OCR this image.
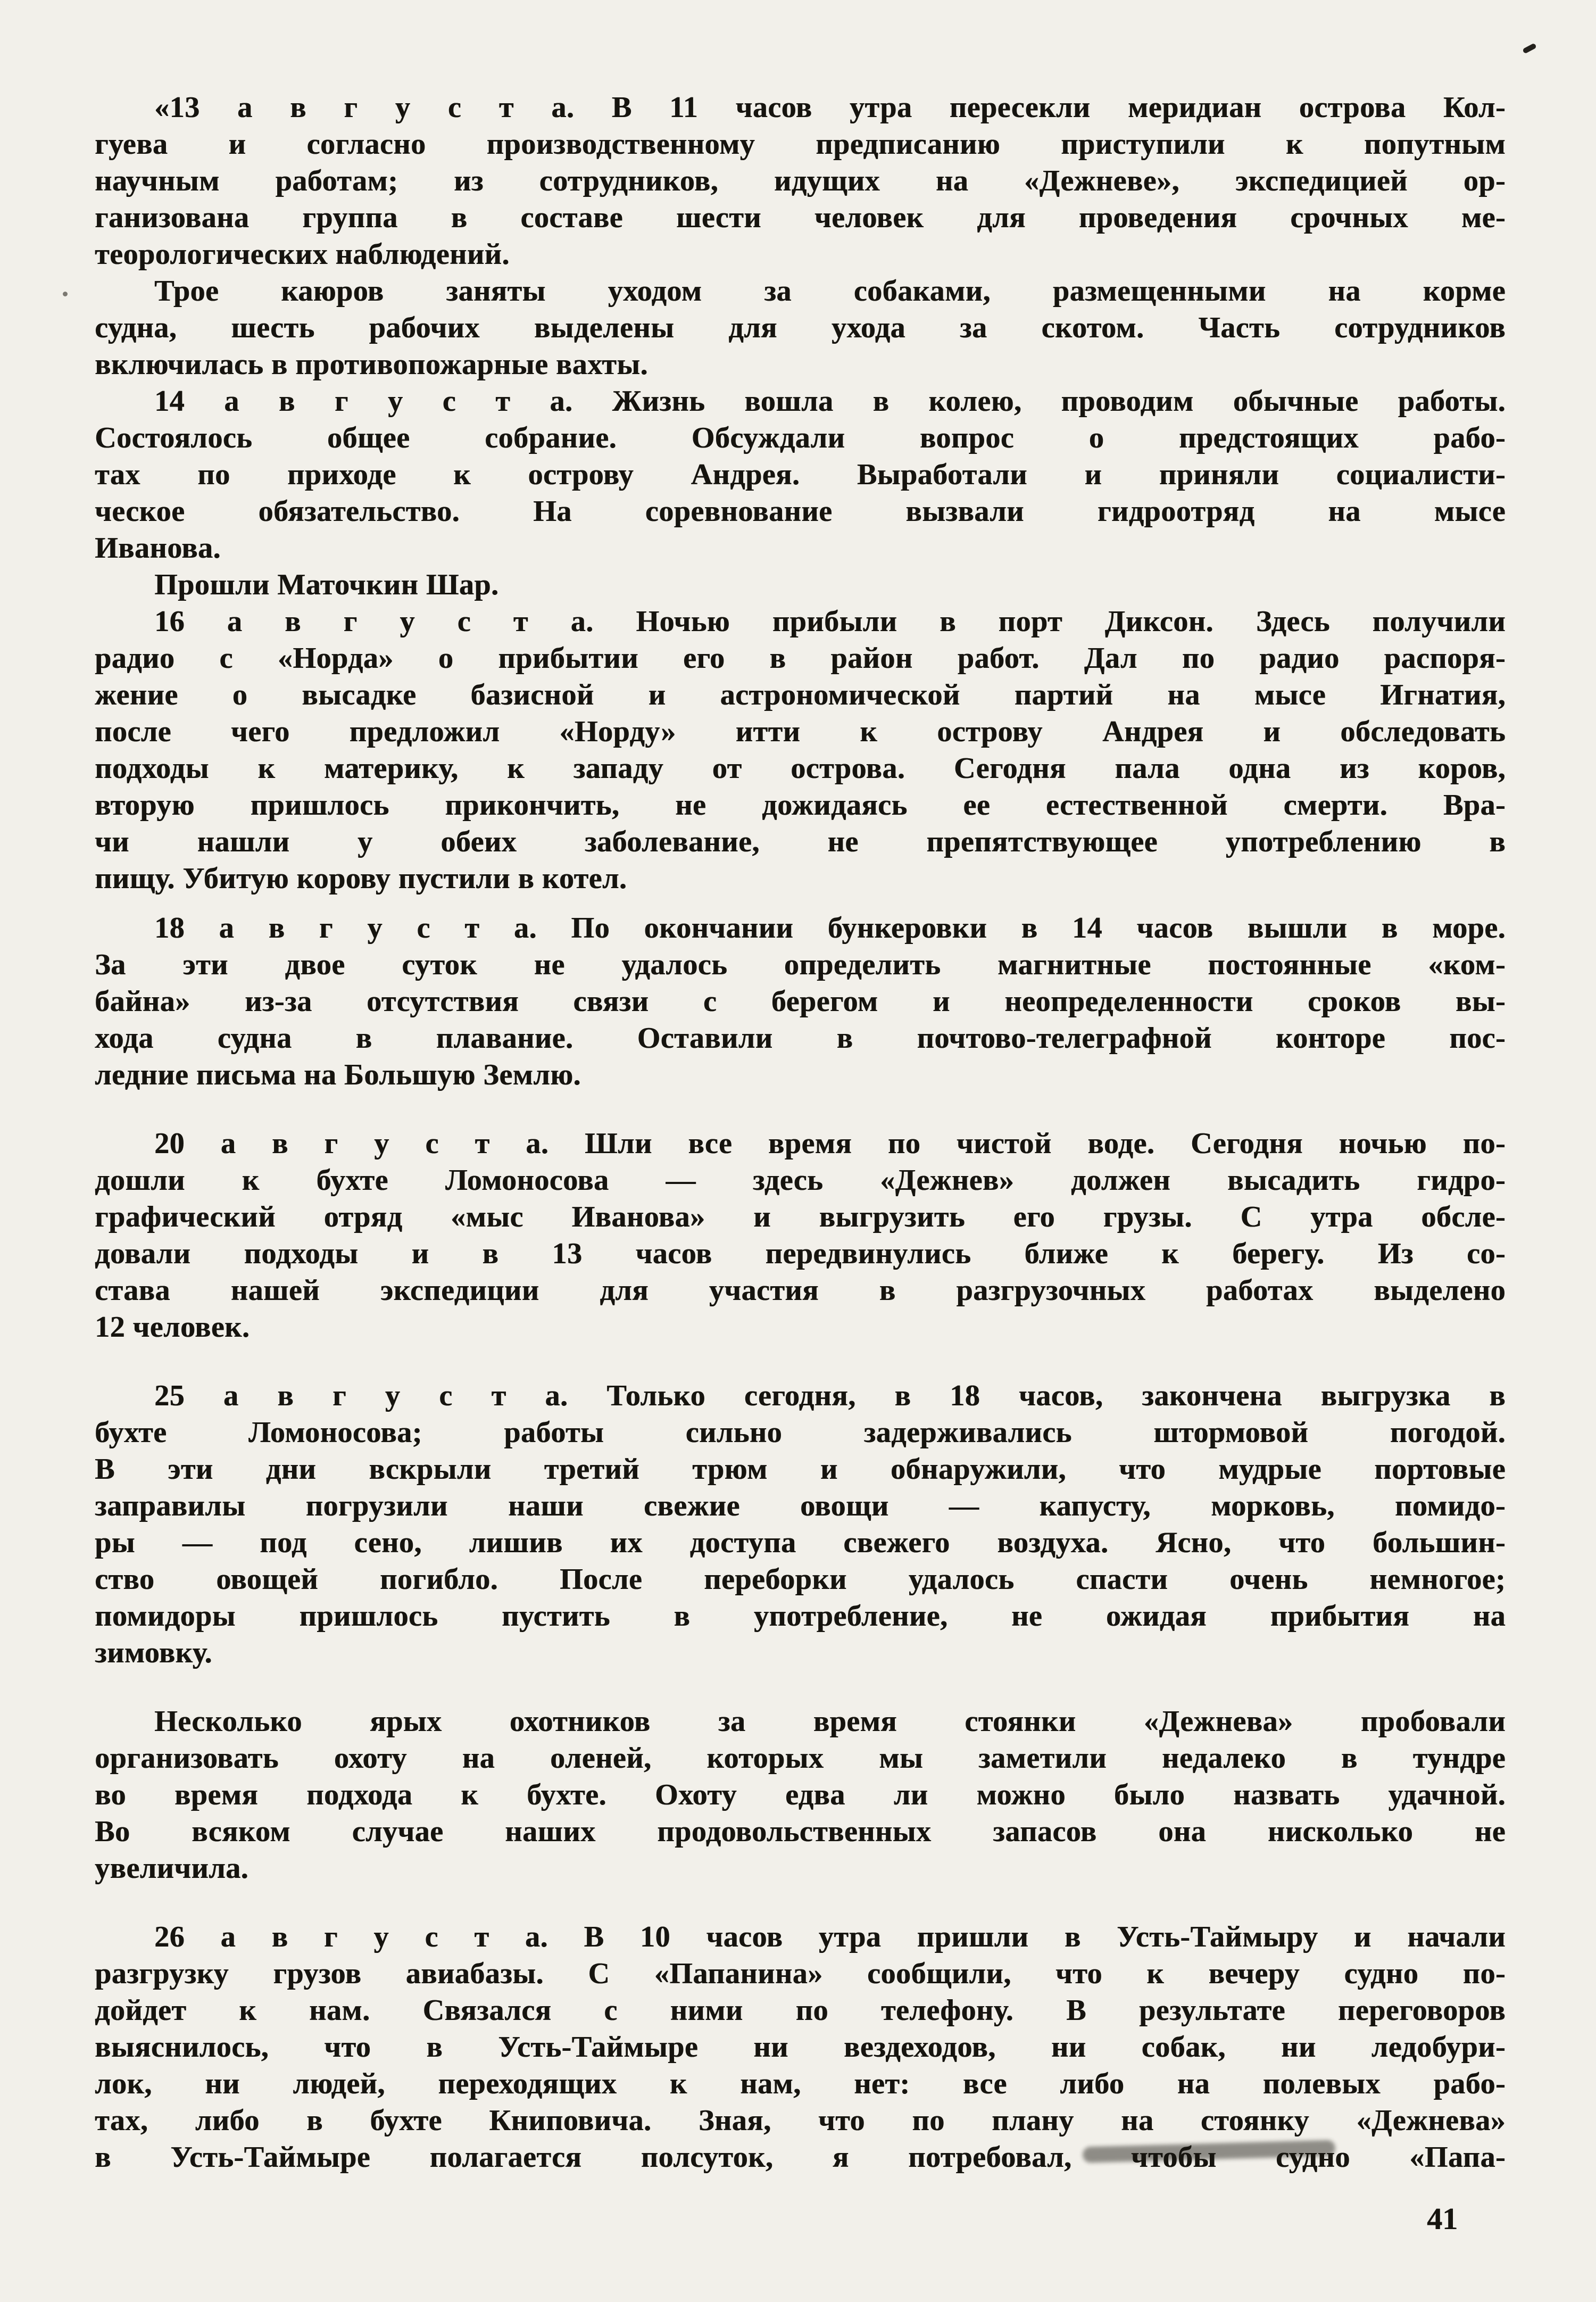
«13 а в г у с т а. В 11 часов утра пересекли меридиан острова Кол-
гуева и согласно производственному предписанию приступили к попутным
научным работам; из сотрудников, идущих на «Дежневе», экспедицией ор-
ганизована группа в составе шести человек для проведения срочных ме-
теорологических наблюдений.
Трое каюров заняты уходом за собаками, размещенными на корме
судна, шесть рабочих выделены для ухода за скотом. Часть сотрудников
включилась в противопожарные вахты.
14 а в г у с т а. Жизнь вошла в колею, проводим обычные работы.
Состоялось общее собрание. Обсуждали вопрос о предстоящих рабо-
тах по приходе к острову Андрея. Выработали и приняли социалисти-
ческое обязательство. На соревнование вызвали гидроотряд на мысе
Иванова.
Прошли Маточкин Шар.
16 а в г у с т а. Ночью прибыли в порт Диксон. Здесь получили
радио с «Норда» о прибытии его в район работ. Дал по радио распоря-
жение о высадке базисной и астрономической партий на мысе Игнатия,
после чего предложил «Норду» итти к острову Андрея и обследовать
подходы к материку, к западу от острова. Сегодня пала одна из коров,
вторую пришлось прикончить, не дожидаясь ее естественной смерти. Вра-
чи нашли у обеих заболевание, не препятствующее употреблению в
пищу. Убитую корову пустили в котел.
18 а в г у с т а. По окончании бункеровки в 14 часов вышли в море.
За эти двое суток не удалось определить магнитные постоянные «ком-
байна» из-за отсутствия связи с берегом и неопределенности сроков вы-
хода судна в плавание. Оставили в почтово-телеграфной конторе пос-
ледние письма на Большую Землю.
20 а в г у с т а. Шли все время по чистой воде. Сегодня ночью по-
дошли к бухте Ломоносова — здесь «Дежнев» должен высадить гидро-
графический отряд «мыс Иванова» и выгрузить его грузы. С утра обсле-
довали подходы и в 13 часов передвинулись ближе к берегу. Из со-
става нашей экспедиции для участия в разгрузочных работах выделено
12 человек.
25 а в г у с т а. Только сегодня, в 18 часов, закончена выгрузка в
бухте Ломоносова; работы сильно задерживались штормовой погодой.
В эти дни вскрыли третий трюм и обнаружили, что мудрые портовые
заправилы погрузили наши свежие овощи — капусту, морковь, помидо-
ры — под сено, лишив их доступа свежего воздуха. Ясно, что большин-
ство овощей погибло. После переборки удалось спасти очень немногое;
помидоры пришлось пустить в употребление, не ожидая прибытия на
зимовку.
Несколько ярых охотников за время стоянки «Дежнева» пробовали
организовать охоту на оленей, которых мы заметили недалеко в тундре
во время подхода к бухте. Охоту едва ли можно было назвать удачной.
Во всяком случае наших продовольственных запасов она нисколько не
увеличила.
26 а в г у с т а. В 10 часов утра пришли в Усть-Таймыру и начали
разгрузку грузов авиабазы. С «Папанина» сообщили, что к вечеру судно по-
дойдет к нам. Связался с ними по телефону. В результате переговоров
выяснилось, что в Усть-Таймыре ни вездеходов, ни собак, ни ледобури-
лок, ни людей, переходящих к нам, нет: все либо на полевых рабо-
тах, либо в бухте Книповича. Зная, что по плану на стоянку «Дежнева»
в Усть-Таймыре полагается полсуток, я потребовал, чтобы судно «Папа-
41
